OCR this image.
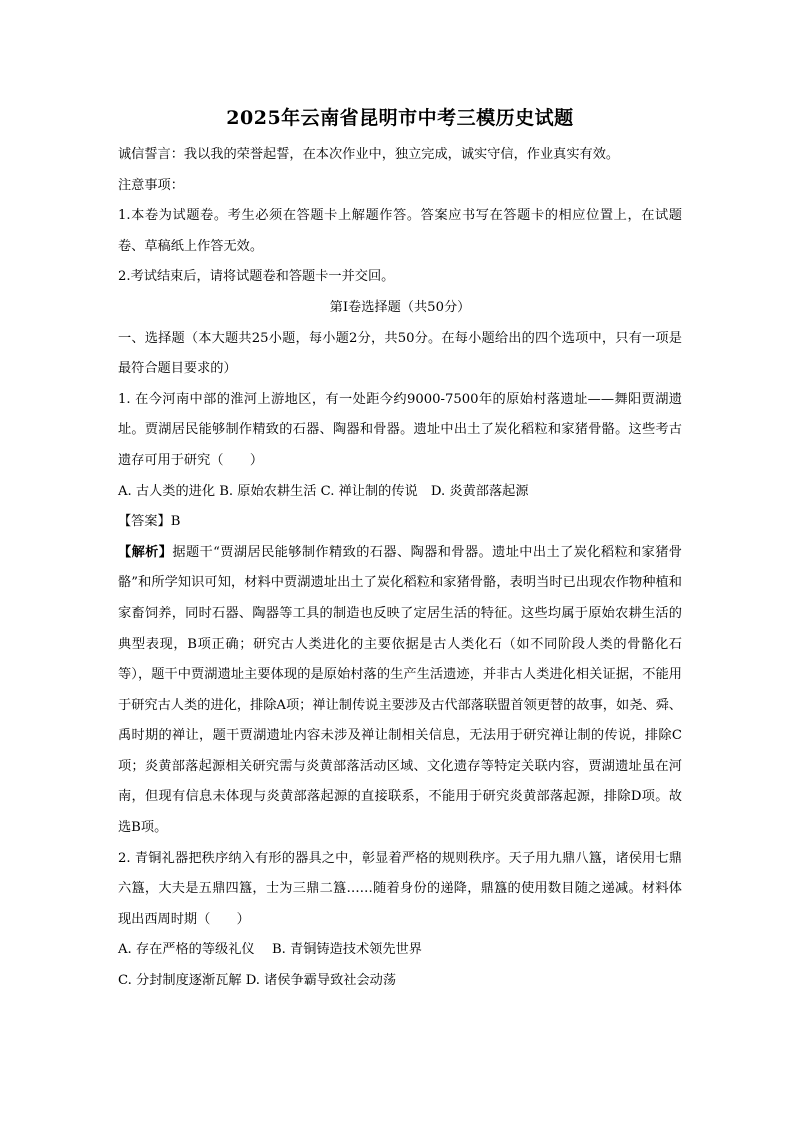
2025年云南省昆明市中考三模历史试题

诚信誓言：我以我的荣誉起誓，在本次作业中，独立完成，诚实守信，作业真实有效。

注意事项：

1.本卷为试题卷。考生必须在答题卡上解题作答。答案应书写在答题卡的相应位置上，在试题卷、草稿纸上作答无效。

2.考试结束后，请将试题卷和答题卡一并交回。

第Ⅰ卷选择题（共50分）

一、选择题（本大题共25小题，每小题2分，共50分。在每小题给出的四个选项中，只有一项是最符合题目要求的）

1. 在今河南中部的淮河上游地区，有一处距今约9000-7500年的原始村落遗址——舞阳贾湖遗址。贾湖居民能够制作精致的石器、陶器和骨器。遗址中出土了炭化稻粒和家猪骨骼。这些考古遗存可用于研究（　　）

A. 古人类的进化 B. 原始农耕生活 C. 禅让制的传说　D. 炎黄部落起源

【答案】B

【解析】据题干“贾湖居民能够制作精致的石器、陶器和骨器。遗址中出土了炭化稻粒和家猪骨骼”和所学知识可知，材料中贾湖遗址出土了炭化稻粒和家猪骨骼，表明当时已出现农作物种植和家畜饲养，同时石器、陶器等工具的制造也反映了定居生活的特征。这些均属于原始农耕生活的典型表现，B项正确；研究古人类进化的主要依据是古人类化石（如不同阶段人类的骨骼化石等），题干中贾湖遗址主要体现的是原始村落的生产生活遗迹，并非古人类进化相关证据，不能用于研究古人类的进化，排除A项；禅让制传说主要涉及古代部落联盟首领更替的故事，如尧、舜、禹时期的禅让，题干贾湖遗址内容未涉及禅让制相关信息，无法用于研究禅让制的传说，排除C项；炎黄部落起源相关研究需与炎黄部落活动区域、文化遗存等特定关联内容，贾湖遗址虽在河南，但现有信息未体现与炎黄部落起源的直接联系，不能用于研究炎黄部落起源，排除D项。故选B项。

2. 青铜礼器把秩序纳入有形的器具之中，彰显着严格的规则秩序。天子用九鼎八簋，诸侯用七鼎六簋，大夫是五鼎四簋，士为三鼎二簋……随着身份的递降，鼎簋的使用数目随之递减。材料体现出西周时期（　　）

A. 存在严格的等级礼仪　 B. 青铜铸造技术领先世界

C. 分封制度逐渐瓦解 D. 诸侯争霸导致社会动荡
